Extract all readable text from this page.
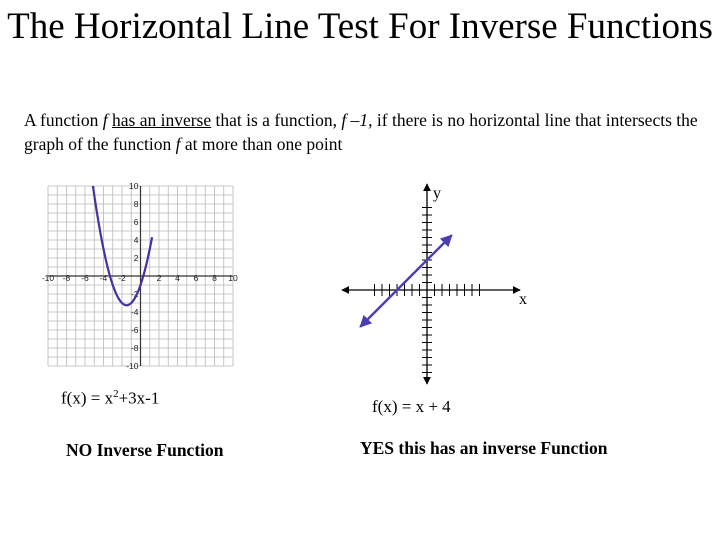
The Horizontal Line Test For Inverse Functions
A function f has an inverse that is a function, f –1, if there is no horizontal line that intersects the graph of the function f at more than one point
-10 -8 -6 -4 -2	2 4 6 8 10
10
8
6
4
2
-2
-4
-6
-8
-10
y
x
$f(x) = x^2+3x-1$	f(x) = x + 4
NO Inverse Function	YES this has an inverse Function
